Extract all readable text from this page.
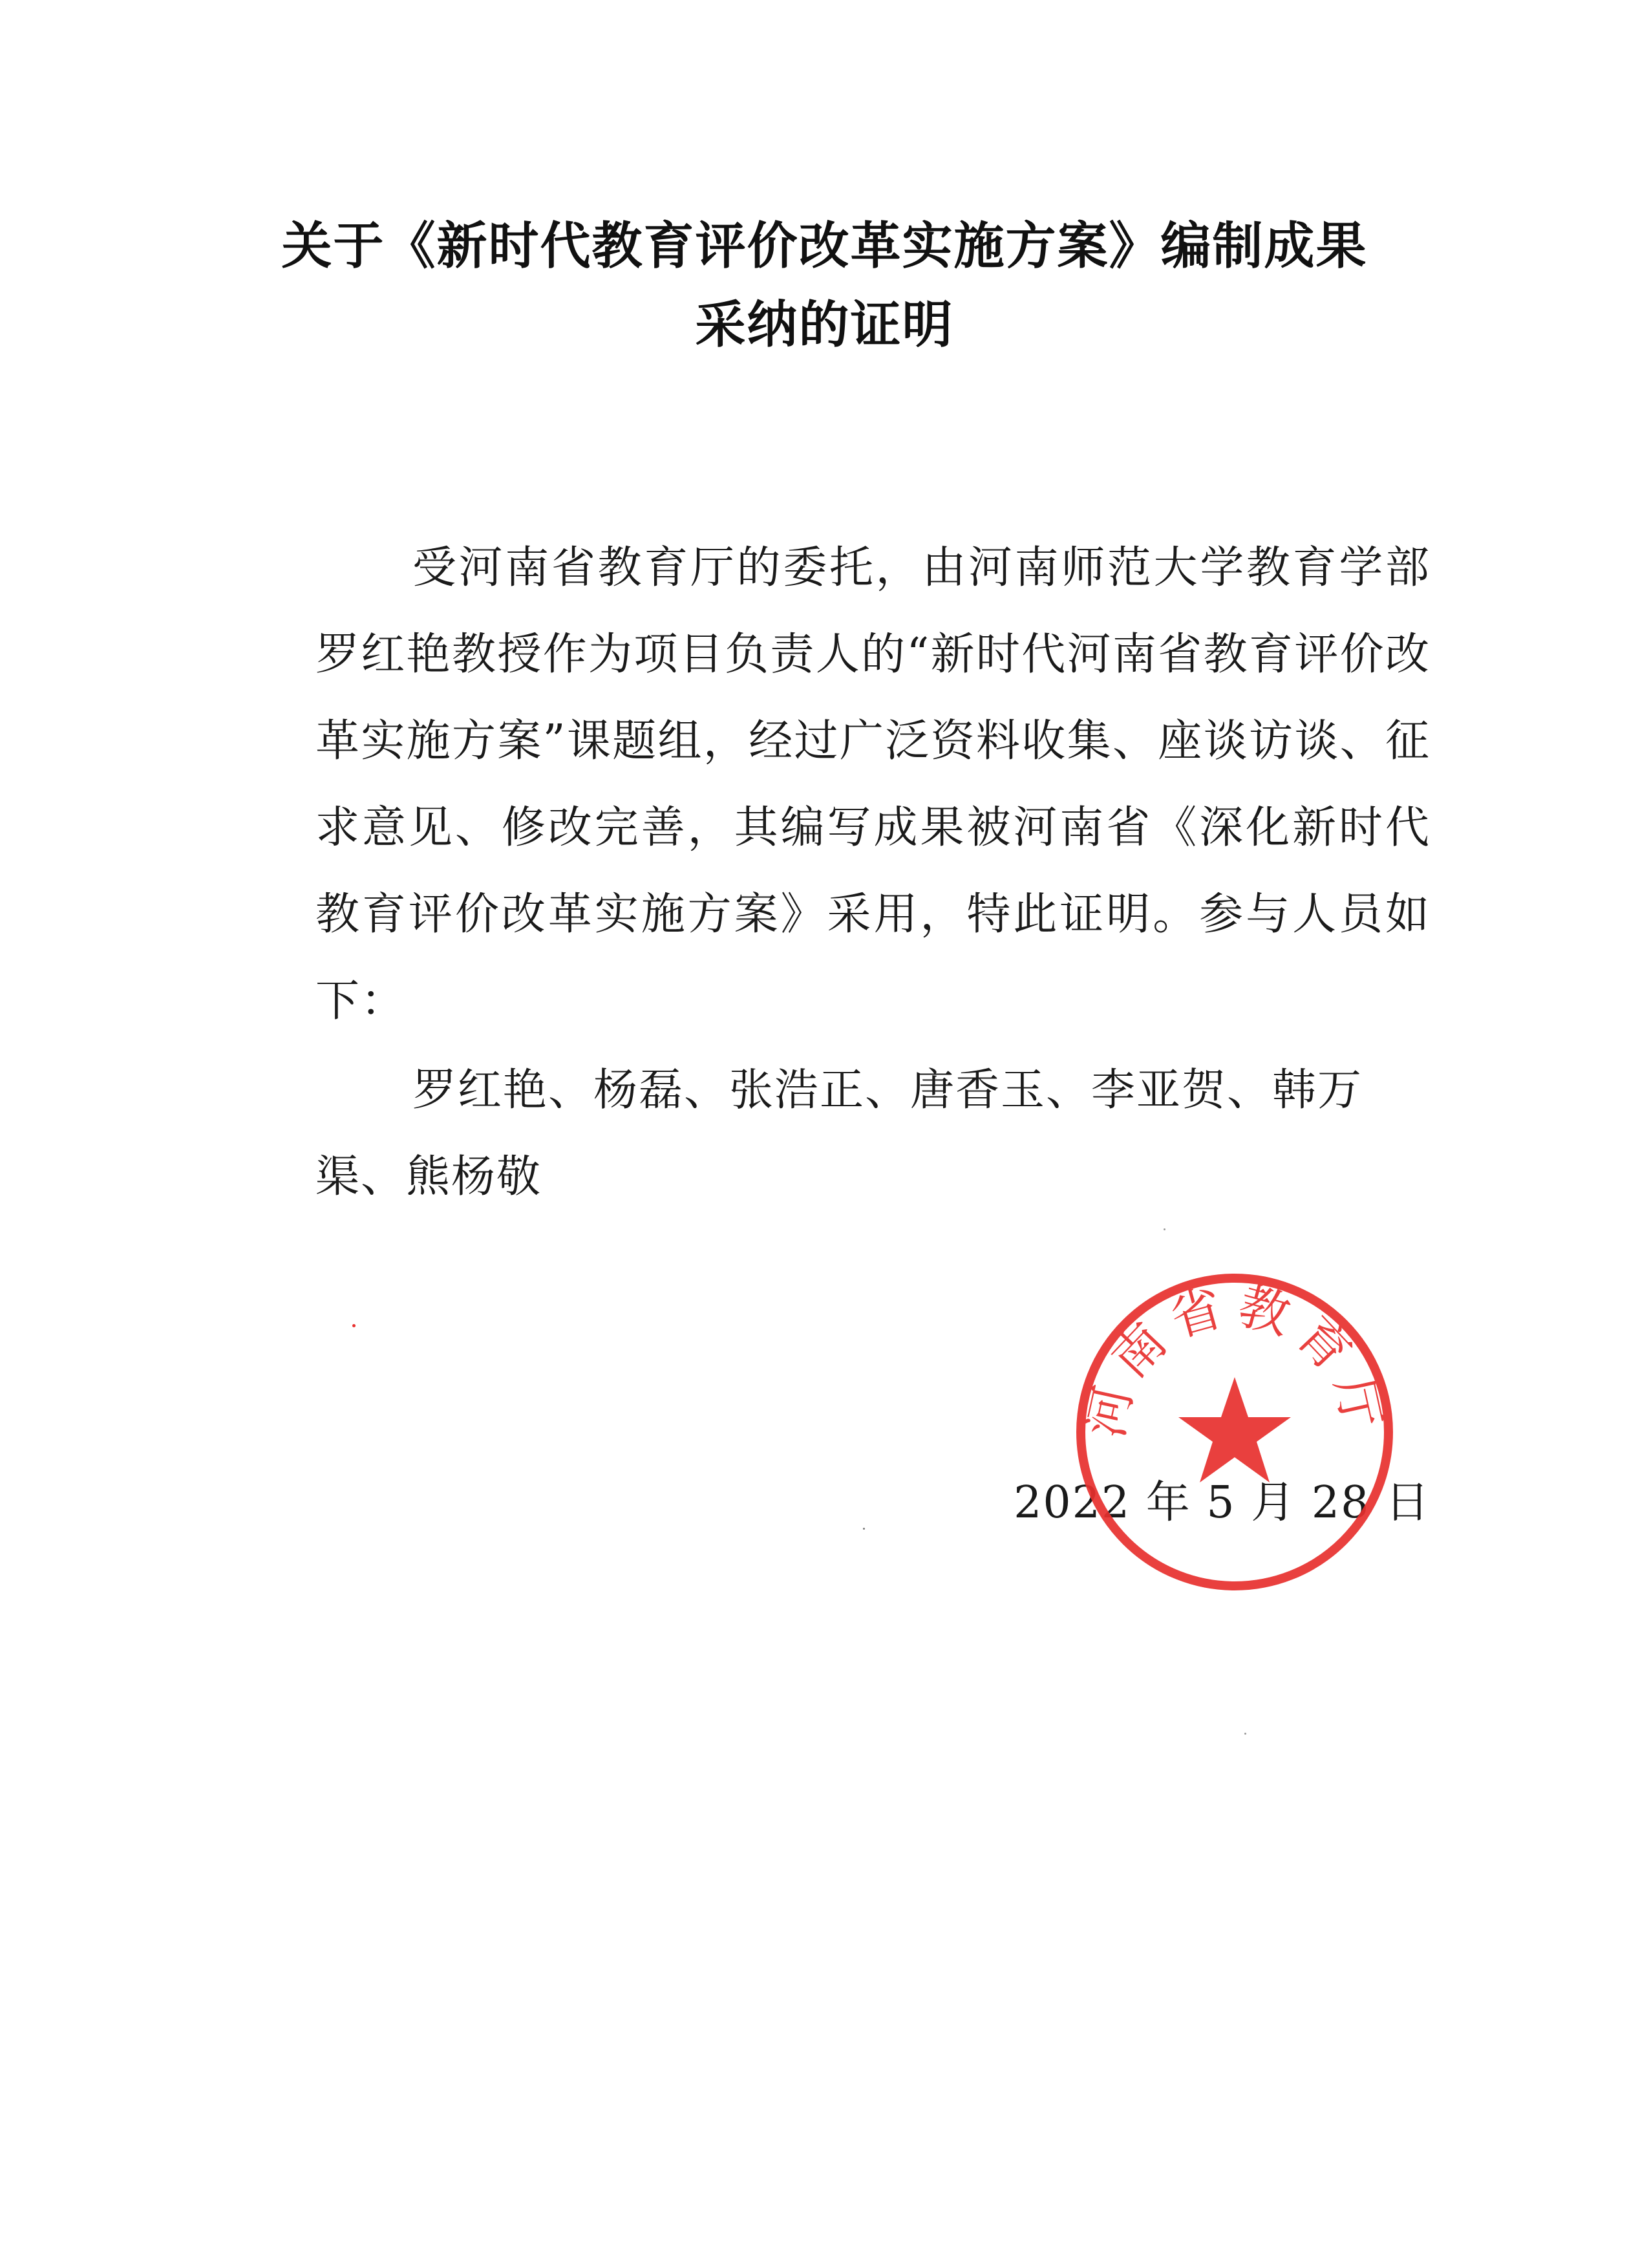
关于《新时代教育评价改革实施方案》编制成果
采纳的证明

受河南省教育厅的委托，由河南师范大学教育学部罗红艳教授作为项目负责人的“新时代河南省教育评价改革实施方案”课题组，经过广泛资料收集、座谈访谈、征求意见、修改完善，其编写成果被河南省《深化新时代教育评价改革实施方案》采用，特此证明。参与人员如下：

罗红艳、杨磊、张浩正、唐香玉、李亚贺、韩万渠、熊杨敬

2022 年 5 月 28 日
河南省教育厅
